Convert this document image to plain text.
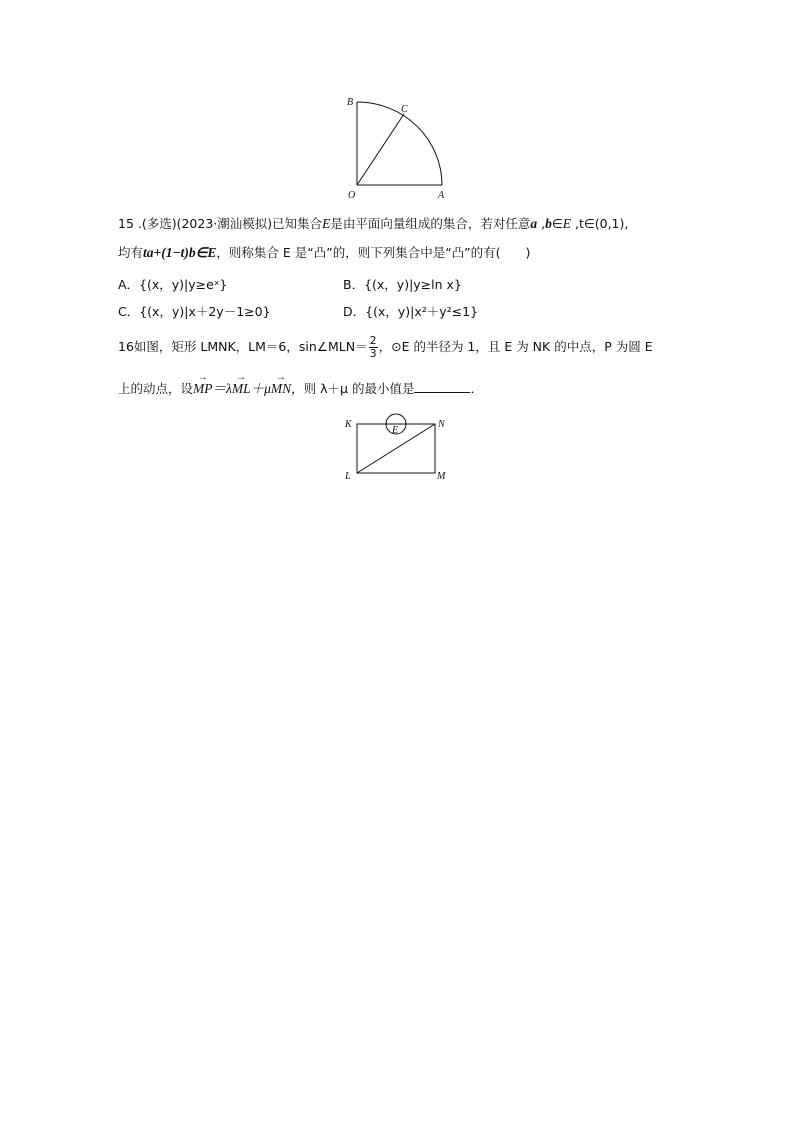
B
C
O	A
15 .(多选)(2023·潮汕模拟)已知集合E是由平面向量组成的集合，若对任意a ,b∈E ,t∈(0,1),
均有ta+(1−t)b∈E，则称集合 E 是“凸”的，则下列集合中是“凸”的有(　　)
A．{(x，y)|y≥eˣ}	B．{(x，y)|y≥ln x}
C．{(x，y)|x＋2y－1≥0}	D．{(x，y)|x²＋y²≤1}
16如图，矩形 LMNK，LM＝6，sin∠MLN＝ $\frac{2}{3}$ ，⊙E 的半径为 1，且 E 为 NK 的中点，P 为圆 E
上的动点，设→ MP＝λ→ ML＋μ→ MN，则 λ＋μ 的最小值是	．
K	N
L	M
E
